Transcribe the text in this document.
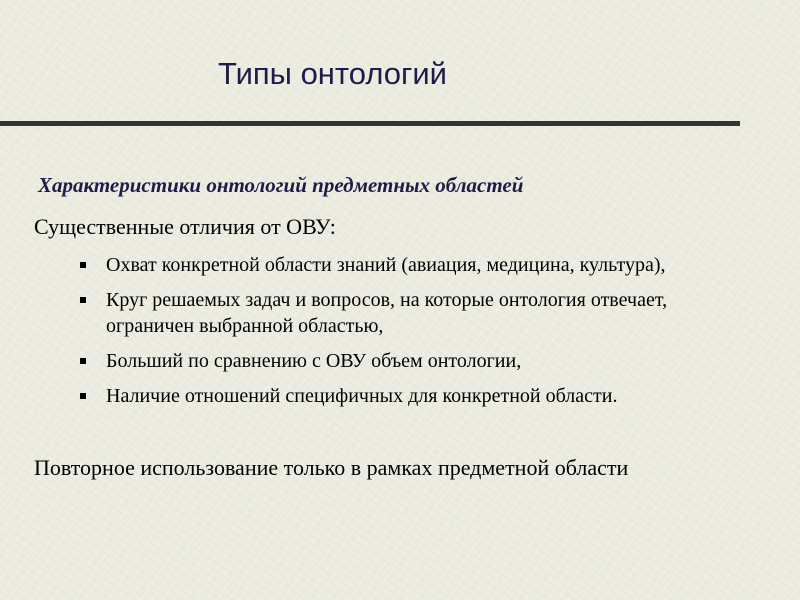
Типы онтологий
Характеристики онтологий предметных областей
Существенные отличия от ОВУ:
Охват конкретной области знаний (авиация, медицина, культура),
Круг решаемых задач и вопросов, на которые онтология отвечает, ограничен выбранной областью,
Больший по сравнению с ОВУ объем онтологии,
Наличие отношений специфичных для конкретной области.
Повторное использование только в рамках предметной области
